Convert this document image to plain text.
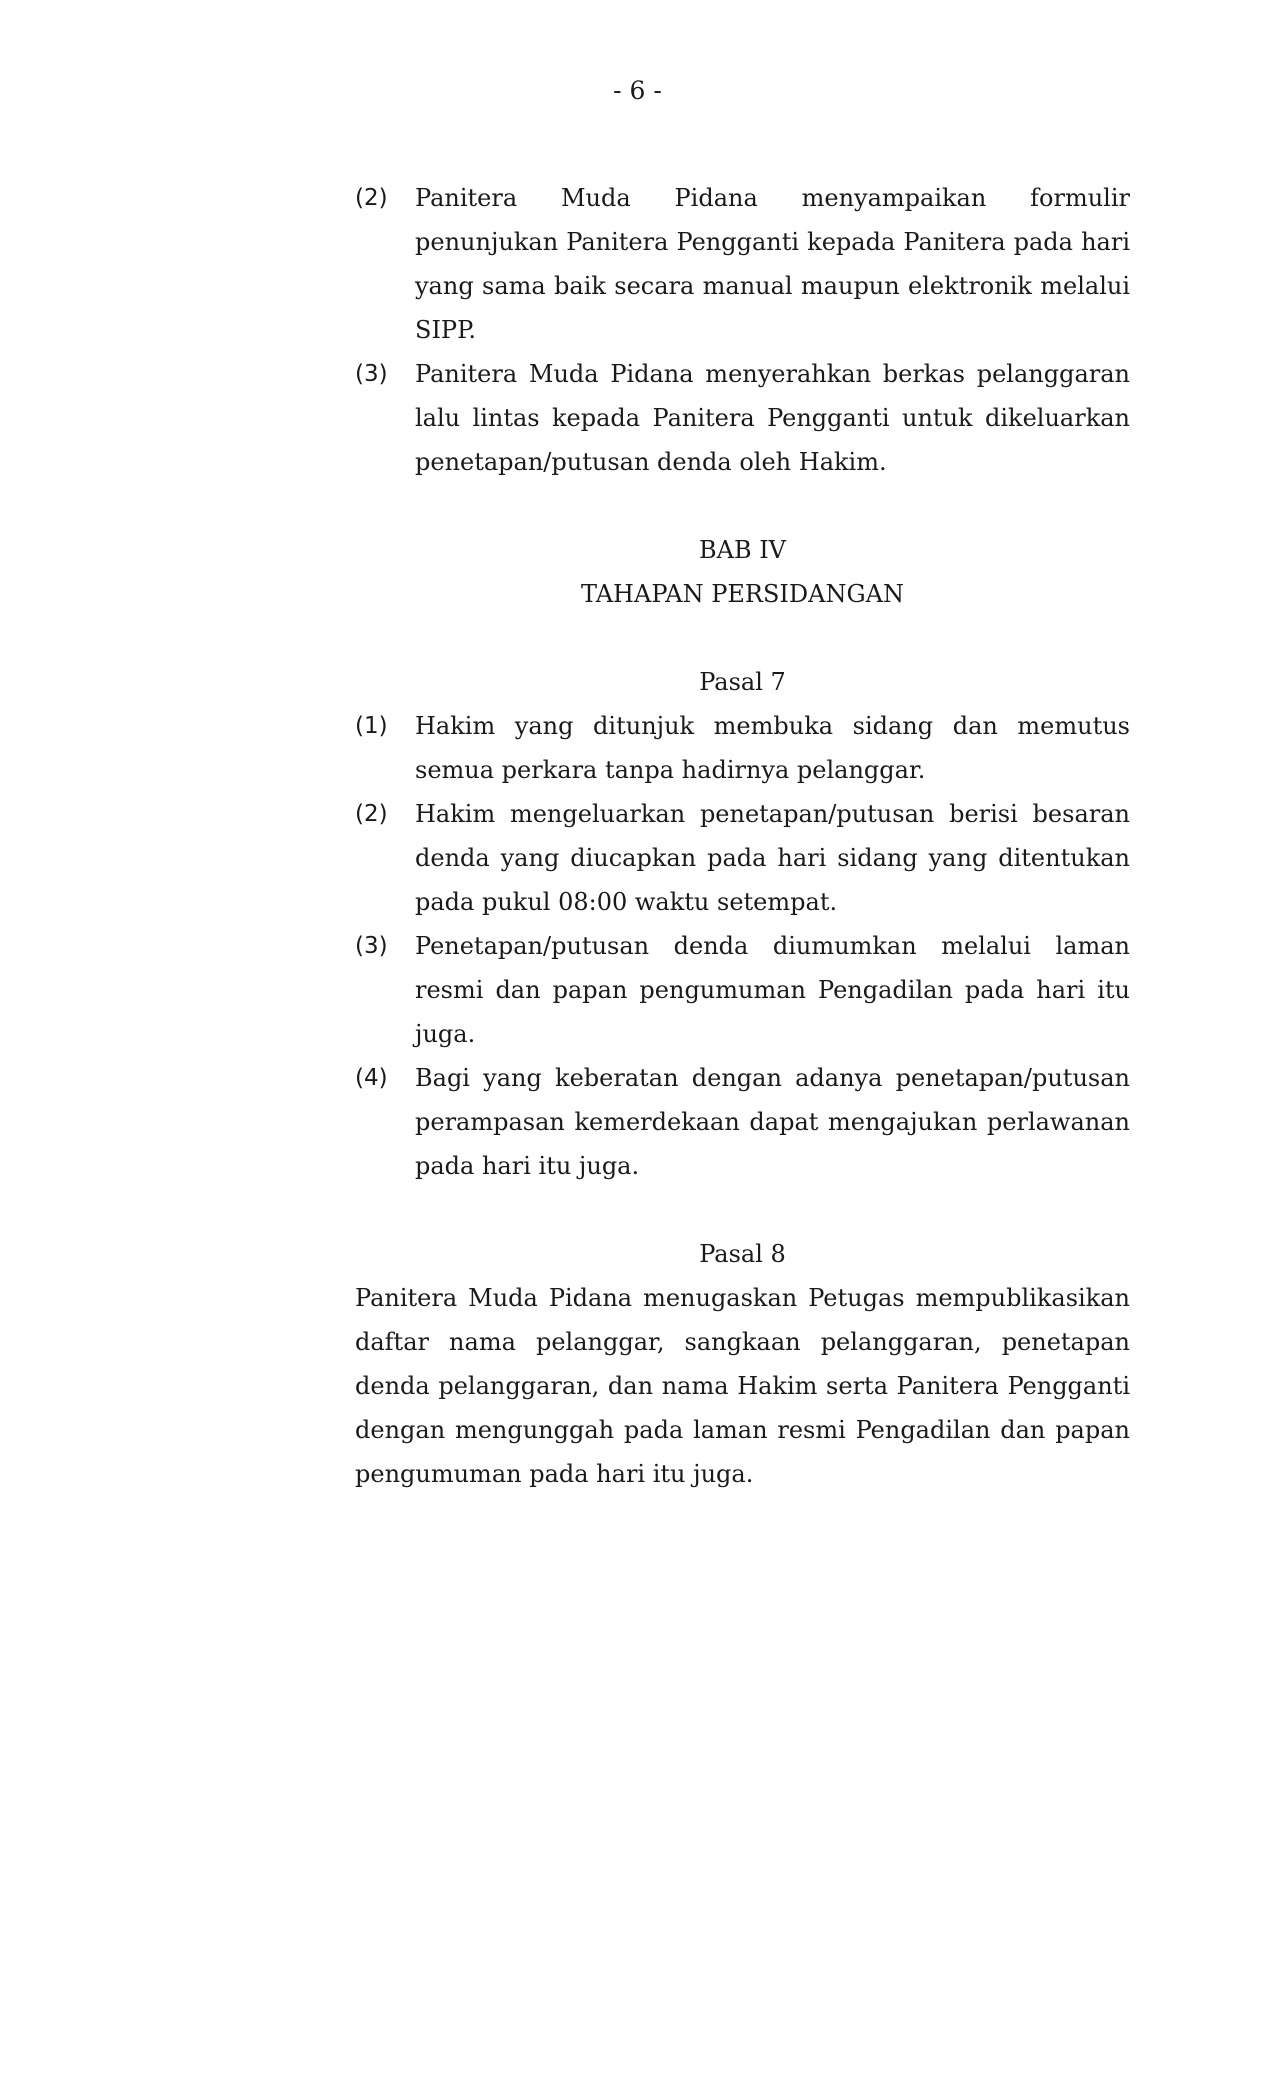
- 6 -
(2) Panitera Muda Pidana menyampaikan formulir penunjukan Panitera Pengganti kepada Panitera pada hari yang sama baik secara manual maupun elektronik melalui SIPP.
(3) Panitera Muda Pidana menyerahkan berkas pelanggaran lalu lintas kepada Panitera Pengganti untuk dikeluarkan penetapan/putusan denda oleh Hakim.
BAB IV
TAHAPAN PERSIDANGAN
Pasal 7
(1) Hakim yang ditunjuk membuka sidang dan memutus semua perkara tanpa hadirnya pelanggar.
(2) Hakim mengeluarkan penetapan/putusan berisi besaran denda yang diucapkan pada hari sidang yang ditentukan pada pukul 08:00 waktu setempat.
(3) Penetapan/putusan denda diumumkan melalui laman resmi dan papan pengumuman Pengadilan pada hari itu juga.
(4) Bagi yang keberatan dengan adanya penetapan/putusan perampasan kemerdekaan dapat mengajukan perlawanan pada hari itu juga.
Pasal 8
Panitera Muda Pidana menugaskan Petugas mempublikasikan daftar nama pelanggar, sangkaan pelanggaran, penetapan denda pelanggaran, dan nama Hakim serta Panitera Pengganti dengan mengunggah pada laman resmi Pengadilan dan papan pengumuman pada hari itu juga.
